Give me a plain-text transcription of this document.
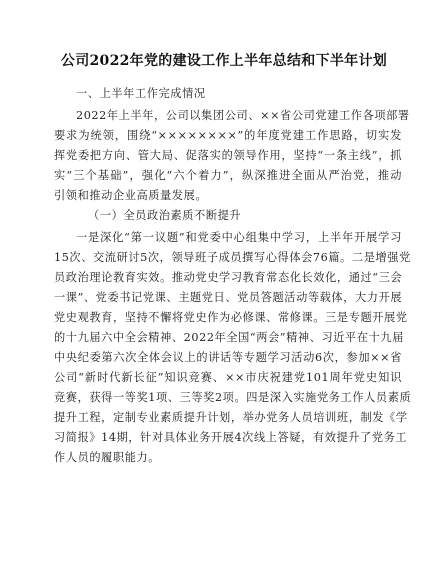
公司2022年党的建设工作上半年总结和下半年计划
一、上半年工作完成情况
2022年上半年，公司以集团公司、××省公司党建工作各项部署
要求为统领，围绕“××××××××”的年度党建工作思路，切实发
挥党委把方向、管大局、促落实的领导作用，坚持“一条主线”，抓
实“三个基础”，强化“六个着力”，纵深推进全面从严治党，推动
引领和推动企业高质量发展。
（一）全员政治素质不断提升
一是深化“第一议题”和党委中心组集中学习，上半年开展学习
15次、交流研讨5次，领导班子成员撰写心得体会76篇。二是增强党
员政治理论教育实效。推动党史学习教育常态化长效化，通过“三会
一课”、党委书记党课、主题党日、党员答题活动等载体，大力开展
党史观教育，坚持不懈将党史作为必修课、常修课。三是专题开展党
的十九届六中全会精神、2022年全国“两会”精神、习近平在十九届
中央纪委第六次全体会议上的讲话等专题学习活动6次，参加××省
公司“新时代新长征”知识竞赛、××市庆祝建党101周年党史知识
竞赛，获得一等奖1项、三等奖2项。四是深入实施党务工作人员素质
提升工程，定制专业素质提升计划，举办党务人员培训班，制发《学
习简报》14期，针对具体业务开展4次线上答疑，有效提升了党务工
作人员的履职能力。
